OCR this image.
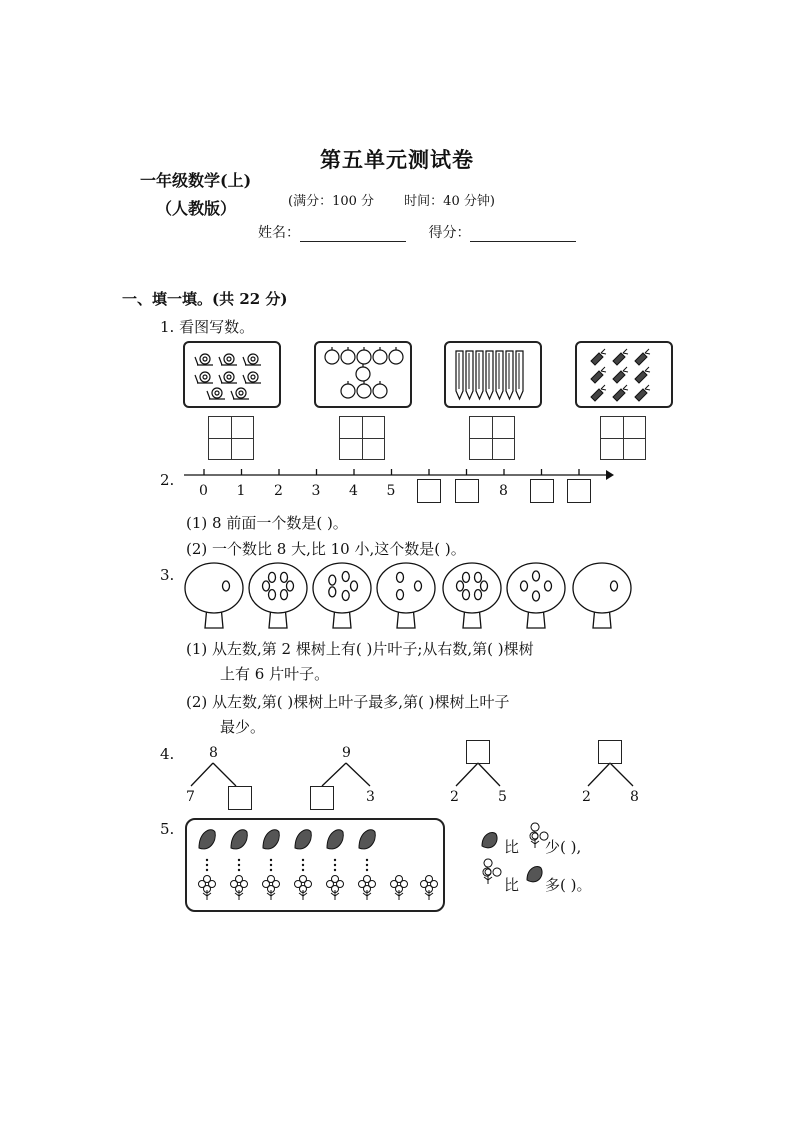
第五单元测试卷
一年级数学(上)
（人教版）	(满分：100 分 时间：40 分钟)
姓名：	得分：
一、填一填。(共 22 分)
1. 看图写数。
2.
0 1 2 3 4 5	8
(1) 8 前面一个数是( )。
(2) 一个数比 8 大,比 10 小,这个数是( )。
3.
(1) 从左数,第 2 棵树上有( )片叶子;从右数,第( )棵树
上有 6 片叶子。
(2) 从左数,第( )棵树上叶子最多,第( )棵树上叶子
最少。
4. 8
7
9
3	2	5	2	8
5.
比 少( ),
比 多( )。
